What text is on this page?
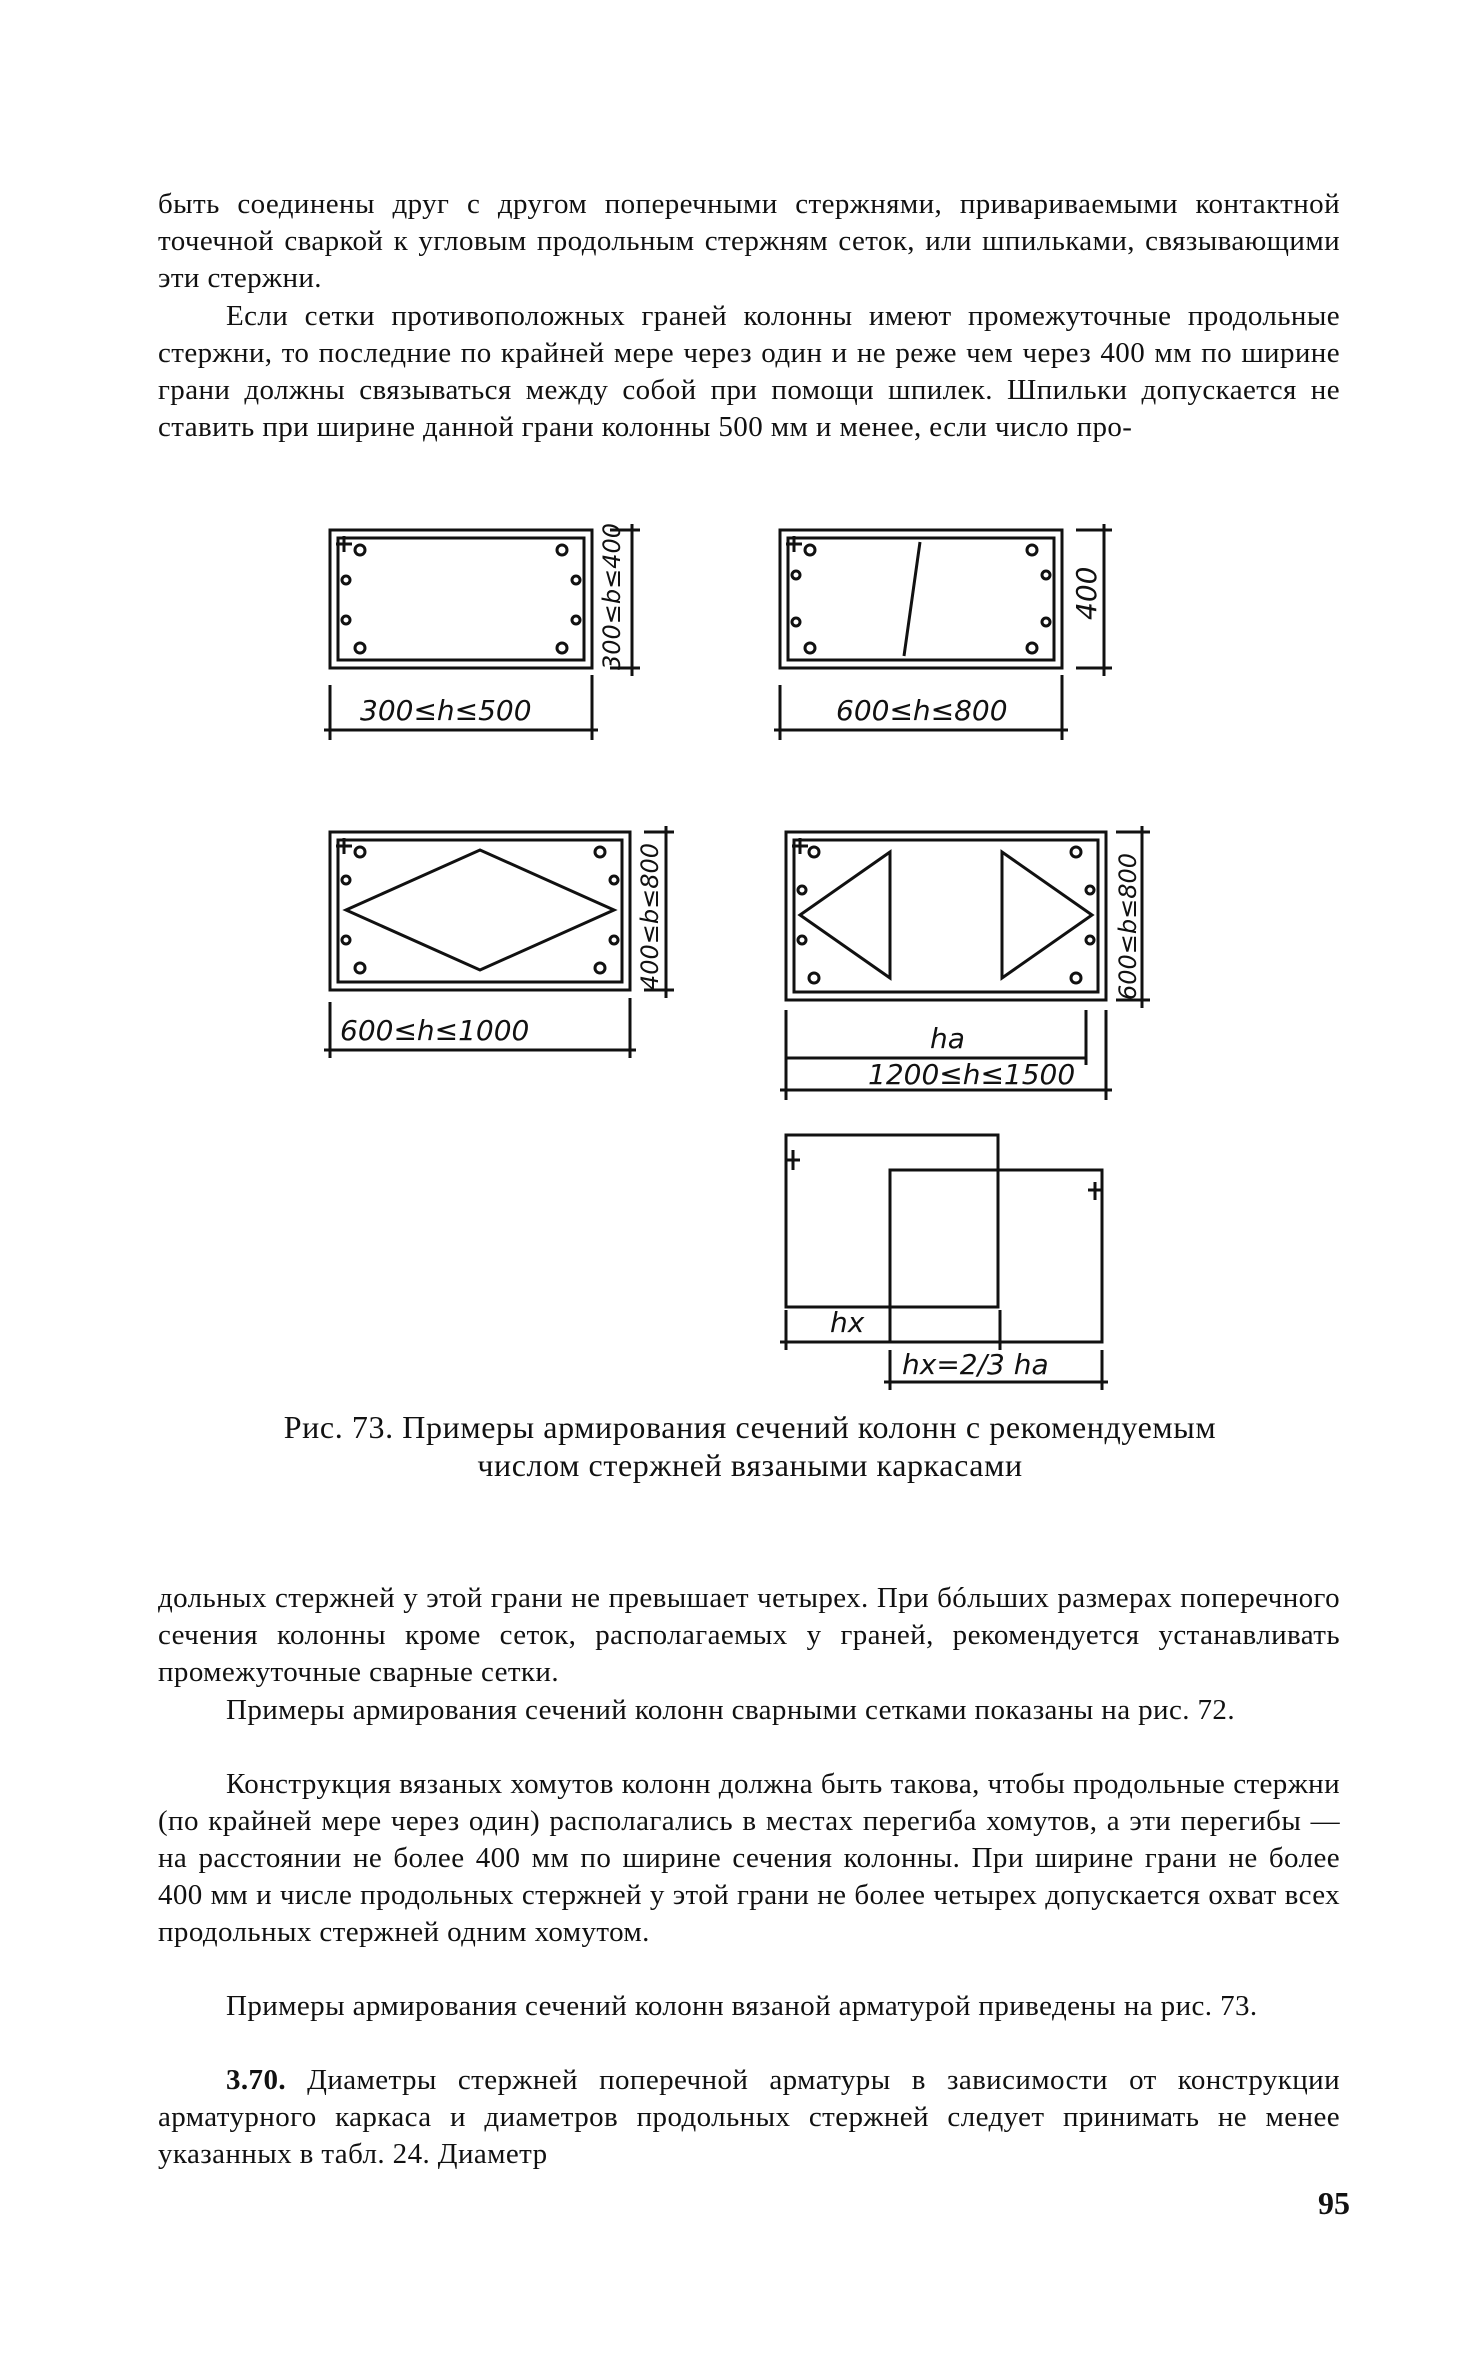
быть соединены друг с другом поперечными стержнями, привариваемыми контактной точечной сваркой к угловым продольным стержням сеток, или шпильками, связывающими эти стержни.

Если сетки противоположных граней колонны имеют промежуточные продольные стержни, то последние по крайней мере через один и не реже чем через 400 мм по ширине грани должны связываться между собой при помощи шпилек. Шпильки допускается не ставить при ширине данной грани колонны 500 мм и менее, если число про-

300≤h≤500
300≤b≤400
600≤h≤800
400
600≤h≤1000
400≤b≤800
ha
1200≤h≤1500
600≤b≤800
hx
hx=2/3 ha
Рис. 73. Примеры армирования сечений колонн с рекомендуемым
числом стержней вязаными каркасами

дольных стержней у этой грани не превышает четырех. При бóльших размерах поперечного сечения колонны кроме сеток, располагаемых у граней, рекомендуется устанавливать промежуточные сварные сетки.

Примеры армирования сечений колонн сварными сетками показаны на рис. 72.

Конструкция вязаных хомутов колонн должна быть такова, чтобы продольные стержни (по крайней мере через один) располагались в местах перегиба хомутов, а эти перегибы — на расстоянии не более 400 мм по ширине сечения колонны. При ширине грани не более 400 мм и числе продольных стержней у этой грани не более четырех допускается охват всех продольных стержней одним хомутом.

Примеры армирования сечений колонн вязаной арматурой приведены на рис. 73.

3.70. Диаметры стержней поперечной арматуры в зависимости от конструкции арматурного каркаса и диаметров продольных стержней следует принимать не менее указанных в табл. 24. Диаметр

95
